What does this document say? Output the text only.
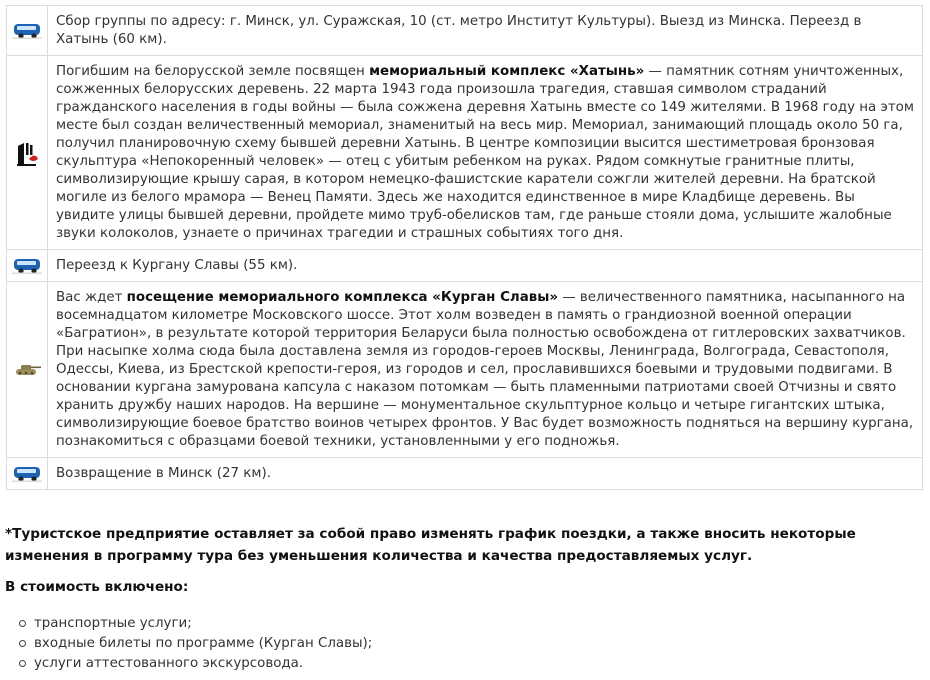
Сбор группы по адресу: г. Минск, ул. Суражская, 10 (ст. метро Институт Культуры). Выезд из Минска. Переезд в Хатынь (60 км).
Погибшим на белорусской земле посвящен мемориальный комплекс «Хатынь» — памятник сотням уничтоженных, сожженных белорусских деревень. 22 марта 1943 года произошла трагедия, ставшая символом страданий гражданского населения в годы войны — была сожжена деревня Хатынь вместе со 149 жителями. В 1968 году на этом месте был создан величественный мемориал, знаменитый на весь мир. Мемориал, занимающий площадь около 50 га, получил планировочную схему бывшей деревни Хатынь. В центре композиции высится шестиметровая бронзовая скульптура «Непокоренный человек» — отец с убитым ребенком на руках. Рядом сомкнутые гранитные плиты, символизирующие крышу сарая, в котором немецко-фашистские каратели сожгли жителей деревни. На братской могиле из белого мрамора — Венец Памяти. Здесь же находится единственное в мире Кладбище деревень. Вы увидите улицы бывшей деревни, пройдете мимо труб-обелисков там, где раньше стояли дома, услышите жалобные звуки колоколов, узнаете о причинах трагедии и страшных событиях того дня.
Переезд к Кургану Славы (55 км).
Вас ждет посещение мемориального комплекса «Курган Славы» — величественного памятника, насыпанного на восемнадцатом километре Московского шоссе. Этот холм возведен в память о грандиозной военной операции «Багратион», в результате которой территория Беларуси была полностью освобождена от гитлеровских захватчиков. При насыпке холма сюда была доставлена земля из городов-героев Москвы, Ленинграда, Волгограда, Севастополя, Одессы, Киева, из Брестской крепости-героя, из городов и сел, прославившихся боевыми и трудовыми подвигами. В основании кургана замурована капсула с наказом потомкам — быть пламенными патриотами своей Отчизны и свято хранить дружбу наших народов. На вершине — монументальное скульптурное кольцо и четыре гигантских штыка, символизирующие боевое братство воинов четырех фронтов. У Вас будет возможность подняться на вершину кургана, познакомиться с образцами боевой техники, установленными у его подножья.
Возвращение в Минск (27 км).
*Туристское предприятие оставляет за собой право изменять график поездки, а также вносить некоторые изменения в программу тура без уменьшения количества и качества предоставляемых услуг.
В стоимость включено:
транспортные услуги;
входные билеты по программе (Курган Славы);
услуги аттестованного экскурсовода.
